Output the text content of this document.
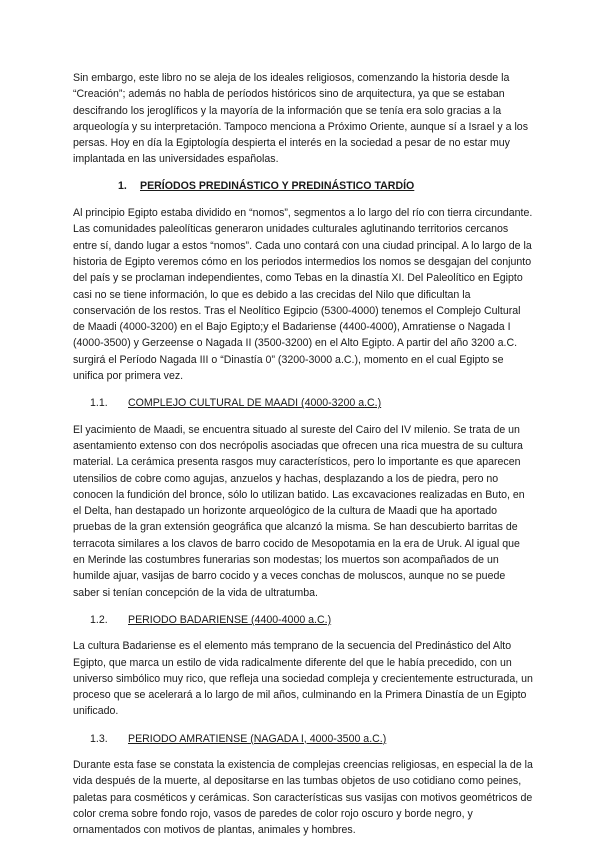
Sin embargo, este libro no se aleja de los ideales religiosos, comenzando la historia desde la “Creación”; además no habla de períodos históricos sino de arquitectura, ya que se estaban descifrando los jeroglíficos y la mayoría de la información que se tenía era solo gracias a la arqueología y su interpretación. Tampoco menciona a Próximo Oriente, aunque sí a Israel y a los persas. Hoy en día la Egiptología despierta el interés en la sociedad a pesar de no estar muy implantada en las universidades españolas.

1. PERÍODOS PREDINÁSTICO Y PREDINÁSTICO TARDÍO

Al principio Egipto estaba dividido en “nomos”, segmentos a lo largo del río con tierra circundante. Las comunidades paleolíticas generaron unidades culturales aglutinando territorios cercanos entre sí, dando lugar a estos “nomos”. Cada uno contará con una ciudad principal. A lo largo de la historia de Egipto veremos cómo en los periodos intermedios los nomos se desgajan del conjunto del país y se proclaman independientes, como Tebas en la dinastía XI. Del Paleolítico en Egipto casi no se tiene información, lo que es debido a las crecidas del Nilo que dificultan la conservación de los restos. Tras el Neolítico Egipcio (5300-4000) tenemos el Complejo Cultural de Maadi (4000-3200) en el Bajo Egipto;y el Badariense (4400-4000), Amratiense o Nagada I (4000-3500) y Gerzeense o Nagada II (3500-3200) en el Alto Egipto. A partir del año 3200 a.C. surgirá el Período Nagada III o “Dinastía 0” (3200-3000 a.C.), momento en el cual Egipto se unifica por primera vez.

1.1. COMPLEJO CULTURAL DE MAADI (4000-3200 a.C.)

El yacimiento de Maadi, se encuentra situado al sureste del Cairo del IV milenio. Se trata de un asentamiento extenso con dos necrópolis asociadas que ofrecen una rica muestra de su cultura material. La cerámica presenta rasgos muy característicos, pero lo importante es que aparecen utensilios de cobre como agujas, anzuelos y hachas, desplazando a los de piedra, pero no conocen la fundición del bronce, sólo lo utilizan batido. Las excavaciones realizadas en Buto, en el Delta, han destapado un horizonte arqueológico de la cultura de Maadi que ha aportado pruebas de la gran extensión geográfica que alcanzó la misma. Se han descubierto barritas de terracota similares a los clavos de barro cocido de Mesopotamia en la era de Uruk. Al igual que en Merinde las costumbres funerarias son modestas; los muertos son acompañados de un humilde ajuar, vasijas de barro cocido y a veces conchas de moluscos, aunque no se puede saber si tenían concepción de la vida de ultratumba.

1.2. PERIODO BADARIENSE (4400-4000 a.C.)

La cultura Badariense es el elemento más temprano de la secuencia del Predinástico del Alto Egipto, que marca un estilo de vida radicalmente diferente del que le había precedido, con un universo simbólico muy rico, que refleja una sociedad compleja y crecientemente estructurada, un proceso que se acelerará a lo largo de mil años, culminando en la Primera Dinastía de un Egipto unificado.

1.3. PERIODO AMRATIENSE (NAGADA I, 4000-3500 a.C.)

Durante esta fase se constata la existencia de complejas creencias religiosas, en especial la de la vida después de la muerte, al depositarse en las tumbas objetos de uso cotidiano como peines, paletas para cosméticos y cerámicas. Son características sus vasijas con motivos geométricos de color crema sobre fondo rojo, vasos de paredes de color rojo oscuro y borde negro, y ornamentados con motivos de plantas, animales y hombres.
